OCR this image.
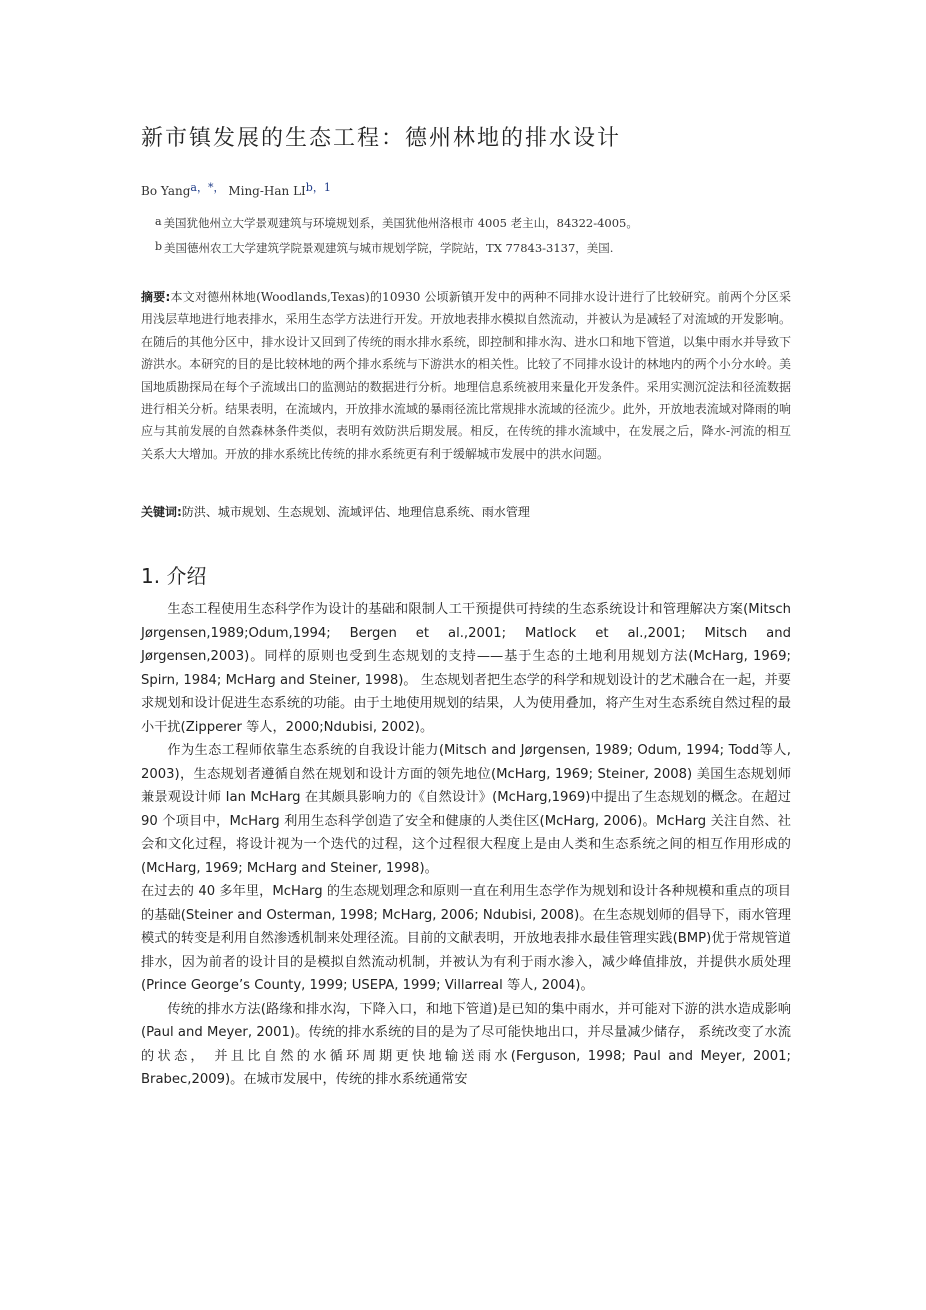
新市镇发展的生态工程：德州林地的排水设计
Bo Yang$^{a,*,}$ Ming-Han $LI^{b,1}$
$^a$ 美国犹他州立大学景观建筑与环境规划系，美国犹他州洛根市 4005 老主山，84322-4005。
$^b$ 美国德州农工大学建筑学院景观建筑与城市规划学院，学院站，TX 77843-3137，美国.
摘要:本文对德州林地(Woodlands,Texas)的10930 公顷新镇开发中的两种不同排水设计进行了比较研究。前两个分区采用浅层草地进行地表排水，采用生态学方法进行开发。开放地表排水模拟自然流动，并被认为是减轻了对流域的开发影响。在随后的其他分区中，排水设计又回到了传统的雨水排水系统，即控制和排水沟、进水口和地下管道，以集中雨水并导致下游洪水。本研究的目的是比较林地的两个排水系统与下游洪水的相关性。比较了不同排水设计的林地内的两个小分水岭。美国地质勘探局在每个子流域出口的监测站的数据进行分析。地理信息系统被用来量化开发条件。采用实测沉淀法和径流数据进行相关分析。结果表明，在流域内，开放排水流域的暴雨径流比常规排水流域的径流少。此外，开放地表流域对降雨的响应与其前发展的自然森林条件类似，表明有效防洪后期发展。相反，在传统的排水流域中，在发展之后，降水-河流的相互关系大大增加。开放的排水系统比传统的排水系统更有利于缓解城市发展中的洪水问题。
关键词:防洪、城市规划、生态规划、流域评估、地理信息系统、雨水管理
1. 介绍

生态工程使用生态科学作为设计的基础和限制人工干预提供可持续的生态系统设计和管理解决方案(Mitsch Jørgensen,1989;Odum,1994; Bergen et al.,2001; Matlock et al.,2001; Mitsch and Jørgensen,2003)。同样的原则也受到生态规划的支持——基于生态的土地利用规划方法(McHarg, 1969; Spirn, 1984; McHarg and Steiner, 1998)。 生态规划者把生态学的科学和规划设计的艺术融合在一起，并要求规划和设计促进生态系统的功能。由于土地使用规划的结果，人为使用叠加，将产生对生态系统自然过程的最小干扰(Zipperer 等人，2000;Ndubisi, 2002)。

作为生态工程师依靠生态系统的自我设计能力(Mitsch and Jørgensen, 1989; Odum, 1994; Todd等人, 2003)，生态规划者遵循自然在规划和设计方面的领先地位(McHarg, 1969; Steiner, 2008) 美国生态规划师兼景观设计师 Ian McHarg 在其颇具影响力的《自然设计》(McHarg,1969)中提出了生态规划的概念。在超过 90 个项目中，McHarg 利用生态科学创造了安全和健康的人类住区(McHarg, 2006)。McHarg 关注自然、社会和文化过程，将设计视为一个迭代的过程，这个过程很大程度上是由人类和生态系统之间的相互作用形成的(McHarg, 1969; McHarg and Steiner, 1998)。

在过去的 40 多年里，McHarg 的生态规划理念和原则一直在利用生态学作为规划和设计各种规模和重点的项目的基础(Steiner and Osterman, 1998; McHarg, 2006; Ndubisi, 2008)。在生态规划师的倡导下，雨水管理模式的转变是利用自然渗透机制来处理径流。目前的文献表明，开放地表排水最佳管理实践(BMP)优于常规管道排水，因为前者的设计目的是模拟自然流动机制，并被认为有利于雨水渗入，减少峰值排放，并提供水质处理(Prince George’s County, 1999; USEPA, 1999; Villarreal 等人, 2004)。

传统的排水方法(路缘和排水沟，下降入口，和地下管道)是已知的集中雨水，并可能对下游的洪水造成影响(Paul and Meyer, 2001)。传统的排水系统的目的是为了尽可能快地出口，并尽量减少储存， 系统改变了水流的状态， 并且比自然的水循环周期更快地输送雨水(Ferguson, 1998; Paul and Meyer, 2001; Brabec,2009)。在城市发展中，传统的排水系统通常安
